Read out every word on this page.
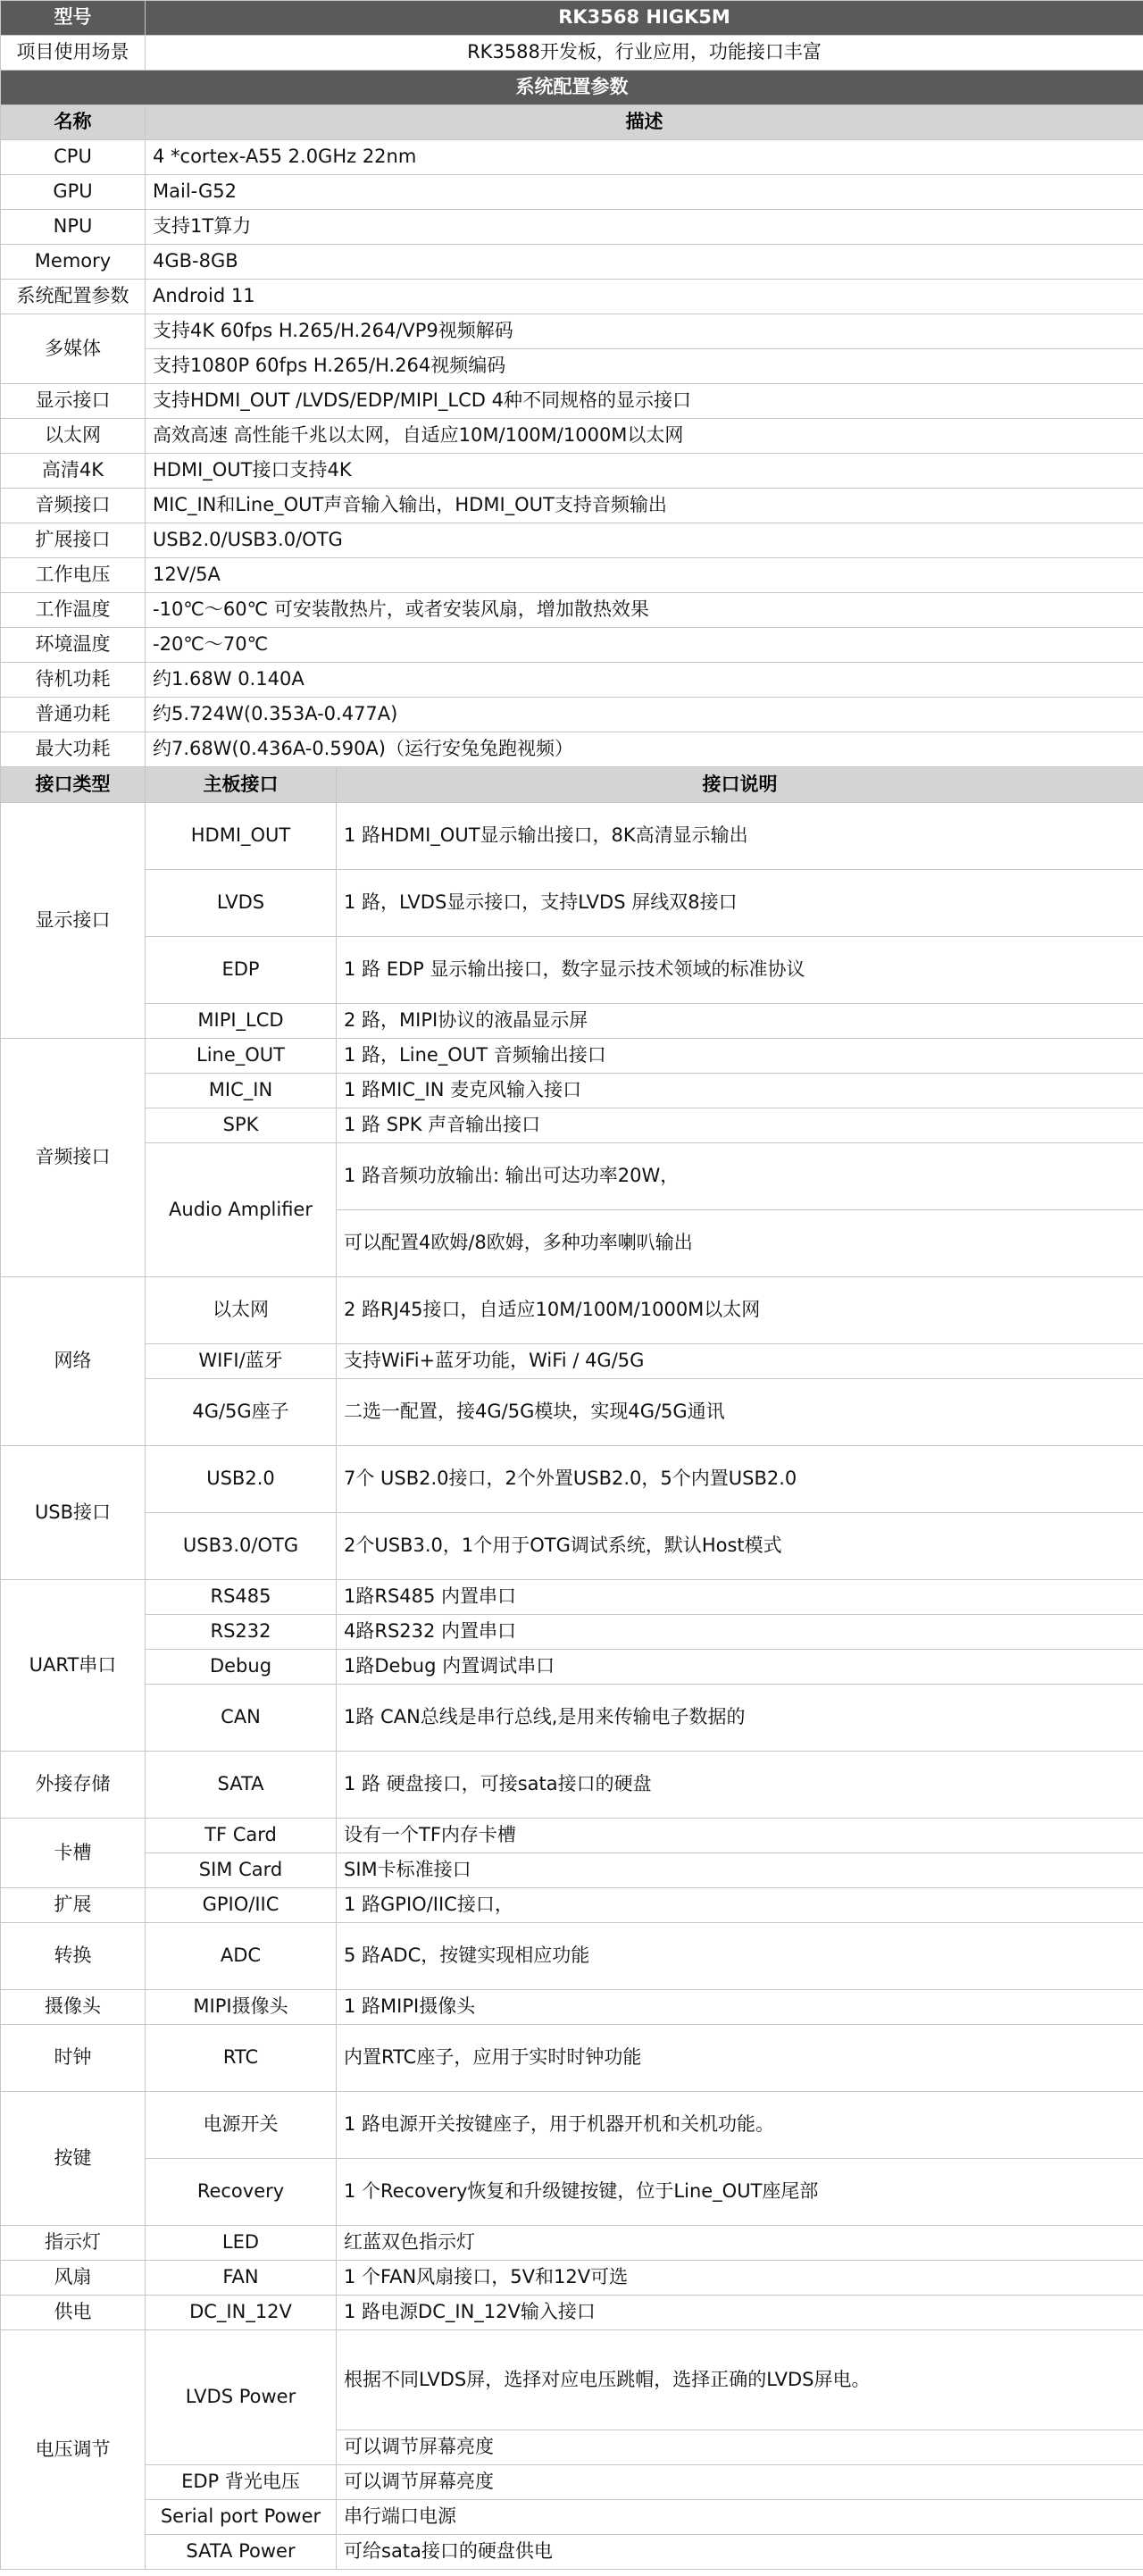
型号	RK3568 HIGK5M	
项目使用场景	RK3588开发板，行业应用，功能接口丰富	
系统配置参数		
名称	描述	
CPU	4 *cortex-A55 2.0GHz 22nm	
GPU	Mail-G52	
NPU	支持1T算力	
Memory	4GB-8GB	
系统配置参数	Android 11	
多媒体	支持4K 60fps H.265/H.264/VP9视频解码	
	支持1080P 60fps H.265/H.264视频编码	
显示接口	支持HDMI_OUT /LVDS/EDP/MIPI_LCD 4种不同规格的显示接口	
以太网	高效高速 高性能千兆以太网，自适应10M/100M/1000M以太网	
高清4K	HDMI_OUT接口支持4K	
音频接口	MIC_IN和Line_OUT声音输入输出，HDMI_OUT支持音频输出	
扩展接口	USB2.0/USB3.0/OTG	
工作电压	12V/5A	
工作温度	-10℃～60℃ 可安装散热片，或者安装风扇，增加散热效果	
环境温度	-20℃～70℃	
待机功耗	约1.68W 0.140A	
普通功耗	约5.724W(0.353A-0.477A)	
最大功耗	约7.68W(0.436A-0.590A)（运行安兔兔跑视频）	
接口类型	主板接口	接口说明
显示接口	HDMI_OUT	1 路HDMI_OUT显示输出接口，8K高清显示输出
	LVDS	1 路，LVDS显示接口，支持LVDS 屏线双8接口
	EDP	1 路 EDP 显示输出接口，数字显示技术领域的标准协议
	MIPI_LCD	2 路，MIPI协议的液晶显示屏
音频接口	Line_OUT	1 路，Line_OUT 音频输出接口
	MIC_IN	1 路MIC_IN 麦克风输入接口
	SPK	1 路 SPK 声音输出接口
	Audio Amplifier	1 路音频功放输出: 输出可达功率20W，
		可以配置4欧姆/8欧姆，多种功率喇叭输出
网络	以太网	2 路RJ45接口，自适应10M/100M/1000M以太网
	WIFI/蓝牙	支持WiFi+蓝牙功能，WiFi / 4G/5G
	4G/5G座子	二选一配置，接4G/5G模块，实现4G/5G通讯
USB接口	USB2.0	7个 USB2.0接口，2个外置USB2.0，5个内置USB2.0
	USB3.0/OTG	2个USB3.0，1个用于OTG调试系统，默认Host模式
UART串口	RS485	1路RS485 内置串口
	RS232	4路RS232 内置串口
	Debug	1路Debug 内置调试串口
	CAN	1路 CAN总线是串行总线,是用来传输电子数据的
外接存储	SATA	1 路 硬盘接口，可接sata接口的硬盘
卡槽	TF Card	设有一个TF内存卡槽
	SIM Card	SIM卡标准接口
扩展	GPIO/IIC	1 路GPIO/IIC接口，
转换	ADC	5 路ADC，按键实现相应功能
摄像头	MIPI摄像头	1 路MIPI摄像头
时钟	RTC	内置RTC座子，应用于实时时钟功能
按键	电源开关	1 路电源开关按键座子，用于机器开机和关机功能。
	Recovery	1 个Recovery恢复和升级键按键，位于Line_OUT座尾部
指示灯	LED	红蓝双色指示灯
风扇	FAN	1 个FAN风扇接口，5V和12V可选
供电	DC_IN_12V	1 路电源DC_IN_12V输入接口
电压调节	LVDS Power	根据不同LVDS屏，选择对应电压跳帽，选择正确的LVDS屏电。
		可以调节屏幕亮度
	EDP 背光电压	可以调节屏幕亮度
	Serial port Power	串行端口电源
	SATA Power	可给sata接口的硬盘供电
